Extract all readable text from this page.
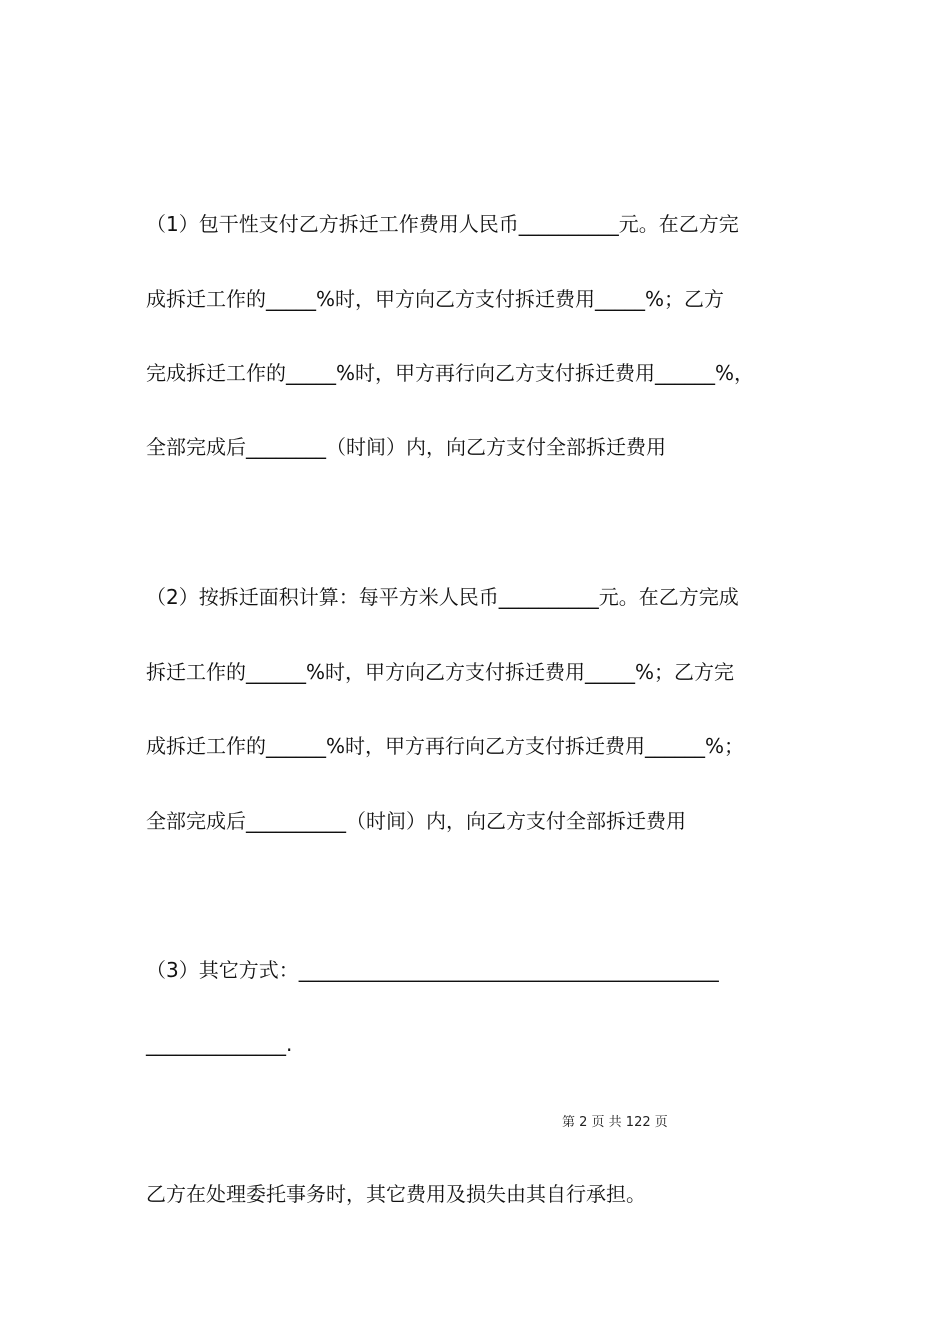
（1）包干性支付乙方拆迁工作费用人民币__________元。在乙方完

成拆迁工作的_____%时，甲方向乙方支付拆迁费用_____%；乙方

完成拆迁工作的_____%时，甲方再行向乙方支付拆迁费用______%，

全部完成后________（时间）内，向乙方支付全部拆迁费用

（2）按拆迁面积计算：每平方米人民币__________元。在乙方完成

拆迁工作的______%时，甲方向乙方支付拆迁费用_____%；乙方完

成拆迁工作的______%时，甲方再行向乙方支付拆迁费用______%；

全部完成后__________（时间）内，向乙方支付全部拆迁费用

（3）其它方式：__________________________________________

______________.

第 2 页 共 122 页

乙方在处理委托事务时，其它费用及损失由其自行承担。
